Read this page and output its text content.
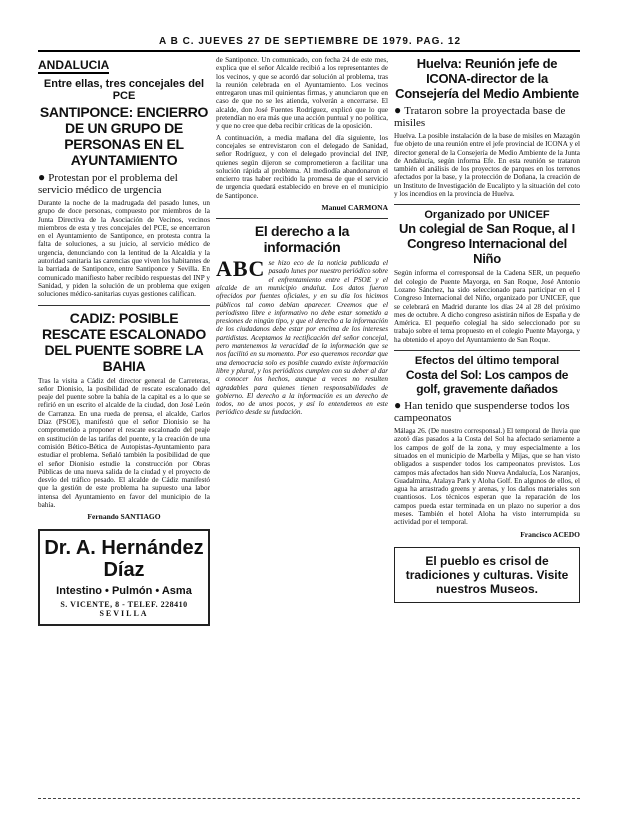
A B C. JUEVES 27 DE SEPTIEMBRE DE 1979. PAG. 12
ANDALUCIA
Entre ellas, tres concejales del PCE
SANTIPONCE: ENCIERRO DE UN GRUPO DE PERSONAS EN EL AYUNTAMIENTO
● Protestan por el problema del servicio médico de urgencia

Durante la noche de la madrugada del pasado lunes, un grupo de doce personas, compuesto por miembros de la Junta Directiva de la Asociación de Vecinos, vecinos miembros de esta y tres concejales del PCE, se encerraron en el Ayuntamiento de Santiponce, en protesta contra la falta de soluciones, a su juicio, al servicio médico de urgencia, denunciando con la lentitud de la Alcaldía y la autoridad sanitaria las carencias que viven los habitantes de la barriada de Santiponce, entre Santiponce y Sevilla. En comunicado manifiesto haber recibido respuestas del INP y Sanidad, y piden la solución de un problema que exigen soluciones médico-sanitarias cuyas gestiones califican.

CADIZ: POSIBLE RESCATE ESCALONADO DEL PUENTE SOBRE LA BAHIA

Tras la visita a Cádiz del director general de Carreteras, señor Dionisio, la posibilidad de rescate escalonado del peaje del puente sobre la bahía de la capital es a lo que se refirió en un escrito el alcalde de la ciudad, don José León de Carranza. En una rueda de prensa, el alcalde, Carlos Díaz (PSOE), manifestó que el señor Dionisio se ha comprometido a proponer el rescate escalonado del peaje en sustitución de las tarifas del puente, y la creación de una comisión Bético-Bética de Autopistas-Ayuntamiento para estudiar el problema. Señaló también la posibilidad de que el señor Dionisio estudie la construcción por Obras Públicas de una nueva salida de la ciudad y el proyecto de desvío del tráfico pesado. El alcalde de Cádiz manifestó que la gestión de este problema ha supuesto una labor intensa del Ayuntamiento en favor del municipio de la bahía.

Fernando SANTIAGO
Dr. A. Hernández Díaz
Intestino • Pulmón • Asma
S. VICENTE, 8 - TELEF. 228410
SEVILLA

de Santiponce. Un comunicado, con fecha 24 de este mes, explica que el señor Alcalde recibió a los representantes de los vecinos, y que se acordó dar solución al problema, tras la reunión celebrada en el Ayuntamiento. Los vecinos entregaron unas mil quinientas firmas, y anunciaron que en caso de que no se les atienda, volverán a encerrarse. El alcalde, don José Fuentes Rodríguez, explicó que lo que pretendían no era más que una acción puntual y no política, y que no cree que deba recibir críticas de la oposición.

A continuación, a media mañana del día siguiente, los concejales se entrevistaron con el delegado de Sanidad, señor Rodríguez, y con el delegado provincial del INP, quienes según dijeron se comprometieron a facilitar una solución rápida al problema. Al mediodía abandonaron el encierro tras haber recibido la promesa de que el servicio de urgencia quedará establecido en breve en el municipio de Santiponce.

Manuel CARMONA
El derecho a la información
ABC se hizo eco de la noticia publicada el pasado lunes por nuestro periódico sobre el enfrentamiento entre el PSOE y el alcalde de un municipio andaluz. Los datos fueron ofrecidos por fuentes oficiales, y en su día los hicimos públicos tal como debían aparecer. Creemos que el periodismo libre e informativo no debe estar sometido a presiones de ningún tipo, y que el derecho a la información de los ciudadanos debe estar por encima de los intereses partidistas. Aceptamos la rectificación del señor concejal, pero mantenemos la veracidad de la información que se nos facilitó en su momento. Por eso queremos recordar que una democracia solo es posible cuando existe información libre y plural, y los periódicos cumplen con su deber al dar a conocer los hechos, aunque a veces no resulten agradables para quienes tienen responsabilidades de gobierno. El derecho a la información es un derecho de todos, no de unos pocos, y así lo entendemos en este periódico desde su fundación.

Huelva: Reunión jefe de ICONA-director de la Consejería del Medio Ambiente
● Trataron sobre la proyectada base de misiles

Huelva. La posible instalación de la base de misiles en Mazagón fue objeto de una reunión entre el jefe provincial de ICONA y el director general de la Consejería de Medio Ambiente de la Junta de Andalucía, según informa Efe. En esta reunión se trataron también el análisis de los proyectos de parques en los terrenos afectados por la base, y la protección de Doñana, la creación de un Instituto de Investigación de Eucalipto y la situación del coto y los incendios en la provincia de Huelva.

Organizado por UNICEF
Un colegial de San Roque, al I Congreso Internacional del Niño

Según informa el corresponsal de la Cadena SER, un pequeño del colegio de Puente Mayorga, en San Roque, José Antonio Lozano Sánchez, ha sido seleccionado para participar en el I Congreso Internacional del Niño, organizado por UNICEF, que se celebrará en Madrid durante los días 24 al 28 del próximo mes de octubre. A dicho congreso asistirán niños de España y de América. El pequeño colegial ha sido seleccionado por su trabajo sobre el tema propuesto en el colegio Puente Mayorga, y ha obtenido el apoyo del Ayuntamiento de San Roque.

Efectos del último temporal
Costa del Sol: Los campos de golf, gravemente dañados
● Han tenido que suspenderse todos los campeonatos

Málaga 26. (De nuestro corresponsal.) El temporal de lluvia que azotó días pasados a la Costa del Sol ha afectado seriamente a los campos de golf de la zona, y muy especialmente a los situados en el municipio de Marbella y Mijas, que se han visto obligados a suspender todos los campeonatos previstos. Los campos más afectados han sido Nueva Andalucía, Los Naranjos, Guadalmina, Atalaya Park y Aloha Golf. En algunos de ellos, el agua ha arrastrado greens y arenas, y los daños materiales son cuantiosos. Los técnicos esperan que la reparación de los campos pueda estar terminada en un plazo no superior a dos meses. También el hotel Aloha ha visto interrumpida su actividad por el temporal.

Francisco ACEDO
El pueblo es crisol de tradiciones y culturas. Visite nuestros Museos.
